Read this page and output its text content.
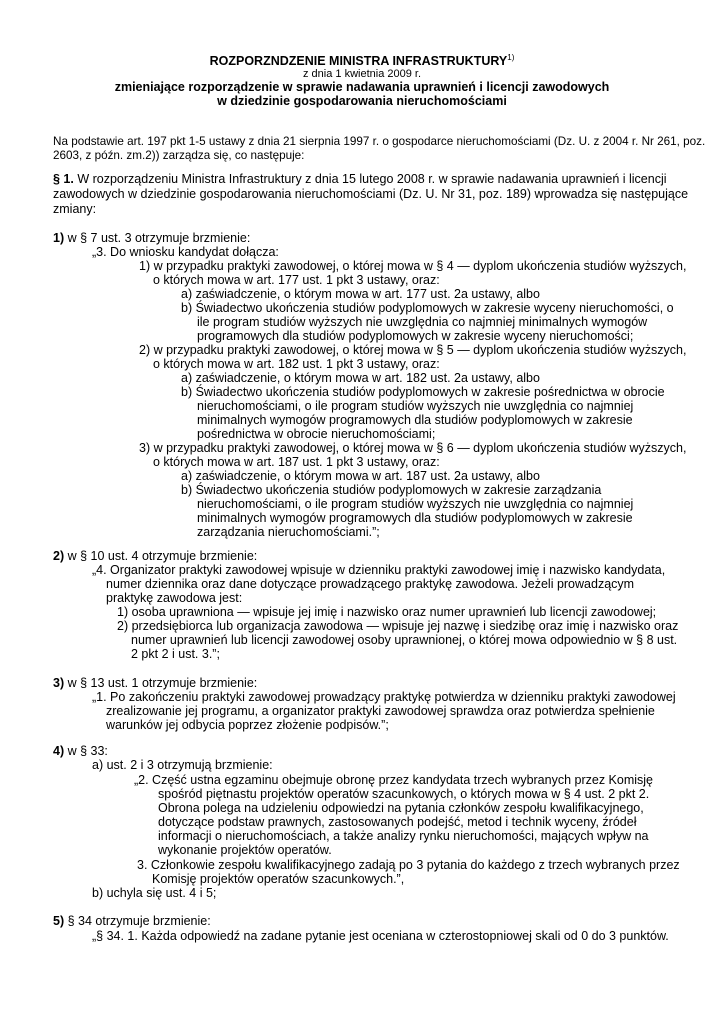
ROZPORZNDZENIE MINISTRA INFRASTRUKTURY$^{1)}$
z dnia 1 kwietnia 2009 r.
zmieniające rozporządzenie w sprawie nadawania uprawnień i licencji zawodowych
w dziedzinie gospodarowania nieruchomościami
Na podstawie art. 197 pkt 1-5 ustawy z dnia 21 sierpnia 1997 r. o gospodarce nieruchomościami (Dz. U. z 2004 r. Nr 261, poz.
2603, z późn. zm.2)) zarządza się, co następuje:
§ 1. W rozporządzeniu Ministra Infrastruktury z dnia 15 lutego 2008 r. w sprawie nadawania uprawnień i licencji
zawodowych w dziedzinie gospodarowania nieruchomościami (Dz. U. Nr 31, poz. 189) wprowadza się następujące
zmiany:
1) w § 7 ust. 3 otrzymuje brzmienie:
„3. Do wniosku kandydat dołącza:
1) w przypadku praktyki zawodowej, o której mowa w § 4 — dyplom ukończenia studiów wyższych,
o których mowa w art. 177 ust. 1 pkt 3 ustawy, oraz:
a) zaświadczenie, o którym mowa w art. 177 ust. 2a ustawy, albo
b) Świadectwo ukończenia studiów podyplomowych w zakresie wyceny nieruchomości, o
ile program studiów wyższych nie uwzględnia co najmniej minimalnych wymogów
programowych dla studiów podyplomowych w zakresie wyceny nieruchomości;
2) w przypadku praktyki zawodowej, o której mowa w § 5 — dyplom ukończenia studiów wyższych,
o których mowa w art. 182 ust. 1 pkt 3 ustawy, oraz:
a) zaświadczenie, o którym mowa w art. 182 ust. 2a ustawy, albo
b) Świadectwo ukończenia studiów podyplomowych w zakresie pośrednictwa w obrocie
nieruchomościami, o ile program studiów wyższych nie uwzględnia co najmniej
minimalnych wymogów programowych dla studiów podyplomowych w zakresie
pośrednictwa w obrocie nieruchomościami;
3) w przypadku praktyki zawodowej, o której mowa w § 6 — dyplom ukończenia studiów wyższych,
o których mowa w art. 187 ust. 1 pkt 3 ustawy, oraz:
a) zaświadczenie, o którym mowa w art. 187 ust. 2a ustawy, albo
b) Świadectwo ukończenia studiów podyplomowych w zakresie zarządzania
nieruchomościami, o ile program studiów wyższych nie uwzględnia co najmniej
minimalnych wymogów programowych dla studiów podyplomowych w zakresie
zarządzania nieruchomościami.”;
2) w § 10 ust. 4 otrzymuje brzmienie:
„4. Organizator praktyki zawodowej wpisuje w dzienniku praktyki zawodowej imię i nazwisko kandydata,
numer dziennika oraz dane dotyczące prowadzącego praktykę zawodowa. Jeżeli prowadzącym
praktykę zawodowa jest:
1) osoba uprawniona — wpisuje jej imię i nazwisko oraz numer uprawnień lub licencji zawodowej;
2) przedsiębiorca lub organizacja zawodowa — wpisuje jej nazwę i siedzibę oraz imię i nazwisko oraz
numer uprawnień lub licencji zawodowej osoby uprawnionej, o której mowa odpowiednio w § 8 ust.
2 pkt 2 i ust. 3.”;
3) w § 13 ust. 1 otrzymuje brzmienie:
„1. Po zakończeniu praktyki zawodowej prowadzący praktykę potwierdza w dzienniku praktyki zawodowej
zrealizowanie jej programu, a organizator praktyki zawodowej sprawdza oraz potwierdza spełnienie
warunków jej odbycia poprzez złożenie podpisów.”;
4) w § 33:
a) ust. 2 i 3 otrzymują brzmienie:
„2. Część ustna egzaminu obejmuje obronę przez kandydata trzech wybranych przez Komisję
spośród piętnastu projektów operatów szacunkowych, o których mowa w § 4 ust. 2 pkt 2.
Obrona polega na udzieleniu odpowiedzi na pytania członków zespołu kwalifikacyjnego,
dotyczące podstaw prawnych, zastosowanych podejść, metod i technik wyceny, źródeł
informacji o nieruchomościach, a także analizy rynku nieruchomości, mających wpływ na
wykonanie projektów operatów.
3. Członkowie zespołu kwalifikacyjnego zadają po 3 pytania do każdego z trzech wybranych przez
Komisję projektów operatów szacunkowych.”,
b) uchyla się ust. 4 i 5;
5) § 34 otrzymuje brzmienie:
„§ 34. 1. Każda odpowiedź na zadane pytanie jest oceniana w czterostopniowej skali od 0 do 3 punktów.
